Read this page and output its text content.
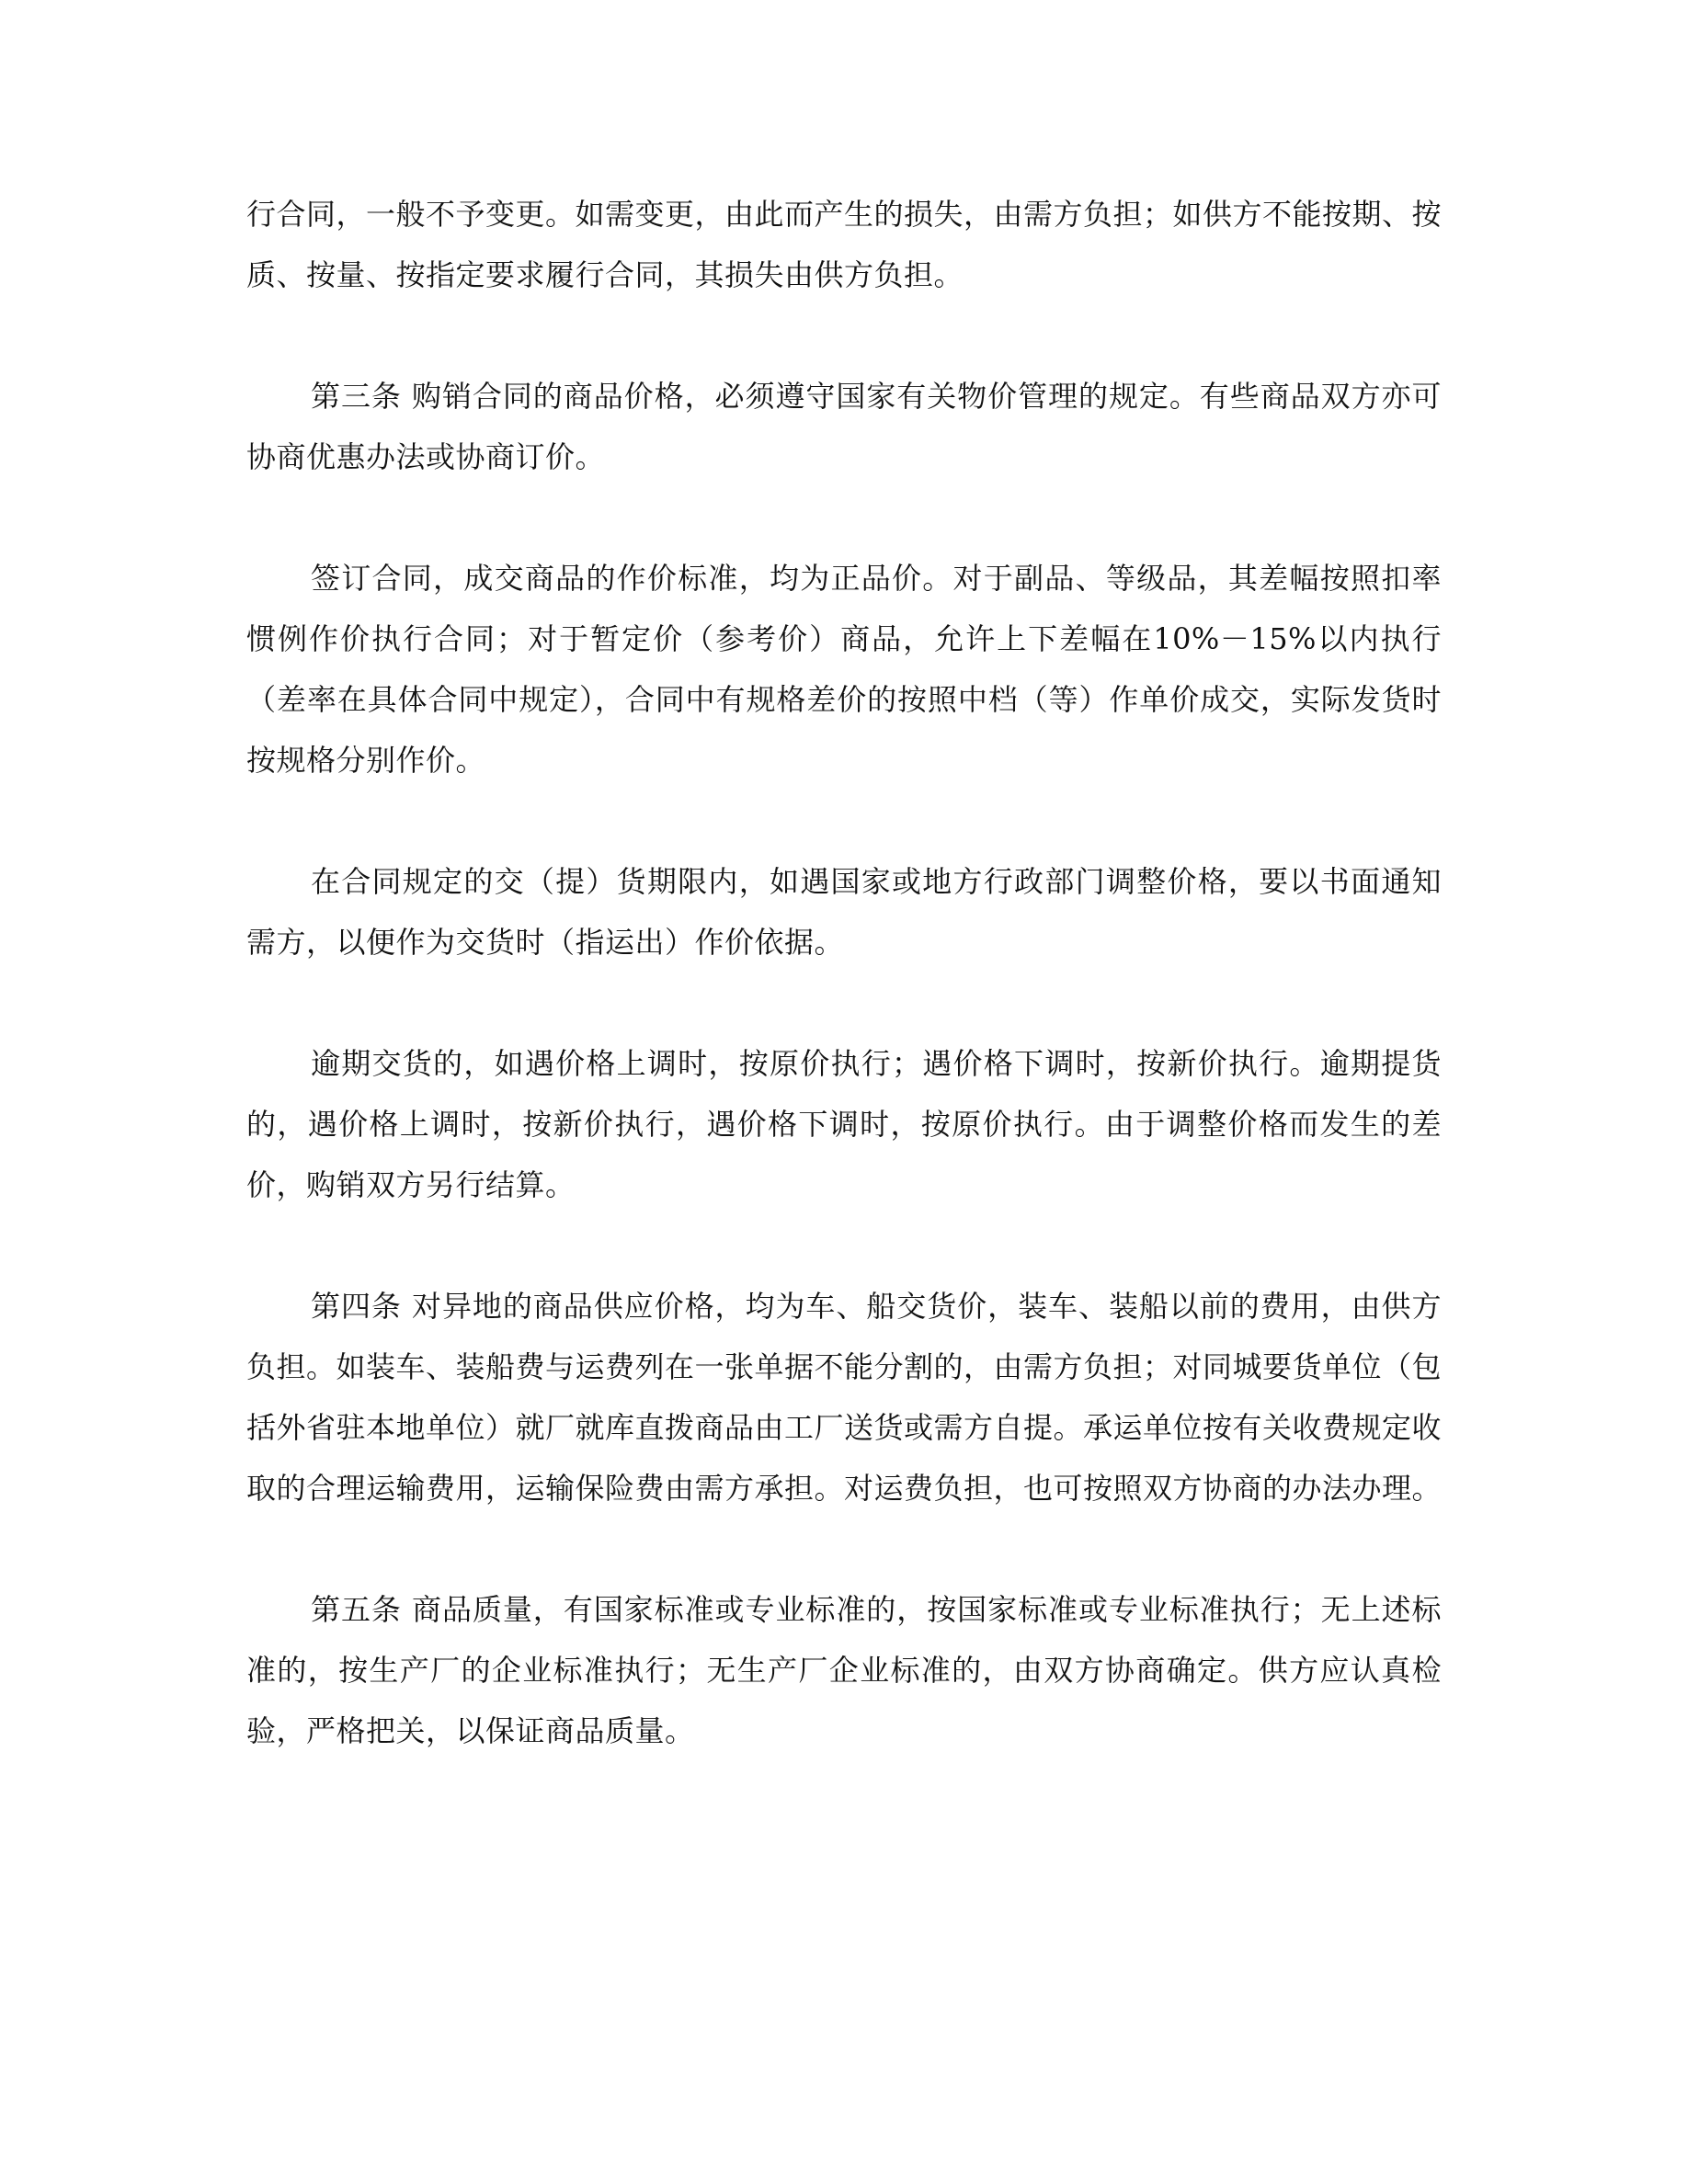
行合同，一般不予变更。如需变更，由此而产生的损失，由需方负担；如供方不能按期、按质、按量、按指定要求履行合同，其损失由供方负担。

第三条 购销合同的商品价格，必须遵守国家有关物价管理的规定。有些商品双方亦可协商优惠办法或协商订价。

签订合同，成交商品的作价标准，均为正品价。对于副品、等级品，其差幅按照扣率惯例作价执行合同；对于暂定价（参考价）商品，允许上下差幅在10%－15%以内执行（差率在具体合同中规定），合同中有规格差价的按照中档（等）作单价成交，实际发货时按规格分别作价。

在合同规定的交（提）货期限内，如遇国家或地方行政部门调整价格，要以书面通知需方，以便作为交货时（指运出）作价依据。

逾期交货的，如遇价格上调时，按原价执行；遇价格下调时，按新价执行。逾期提货的，遇价格上调时，按新价执行，遇价格下调时，按原价执行。由于调整价格而发生的差价，购销双方另行结算。

第四条 对异地的商品供应价格，均为车、船交货价，装车、装船以前的费用，由供方负担。如装车、装船费与运费列在一张单据不能分割的，由需方负担；对同城要货单位（包括外省驻本地单位）就厂就库直拨商品由工厂送货或需方自提。承运单位按有关收费规定收取的合理运输费用，运输保险费由需方承担。对运费负担，也可按照双方协商的办法办理。

第五条 商品质量，有国家标准或专业标准的，按国家标准或专业标准执行；无上述标准的，按生产厂的企业标准执行；无生产厂企业标准的，由双方协商确定。供方应认真检验，严格把关，以保证商品质量。
